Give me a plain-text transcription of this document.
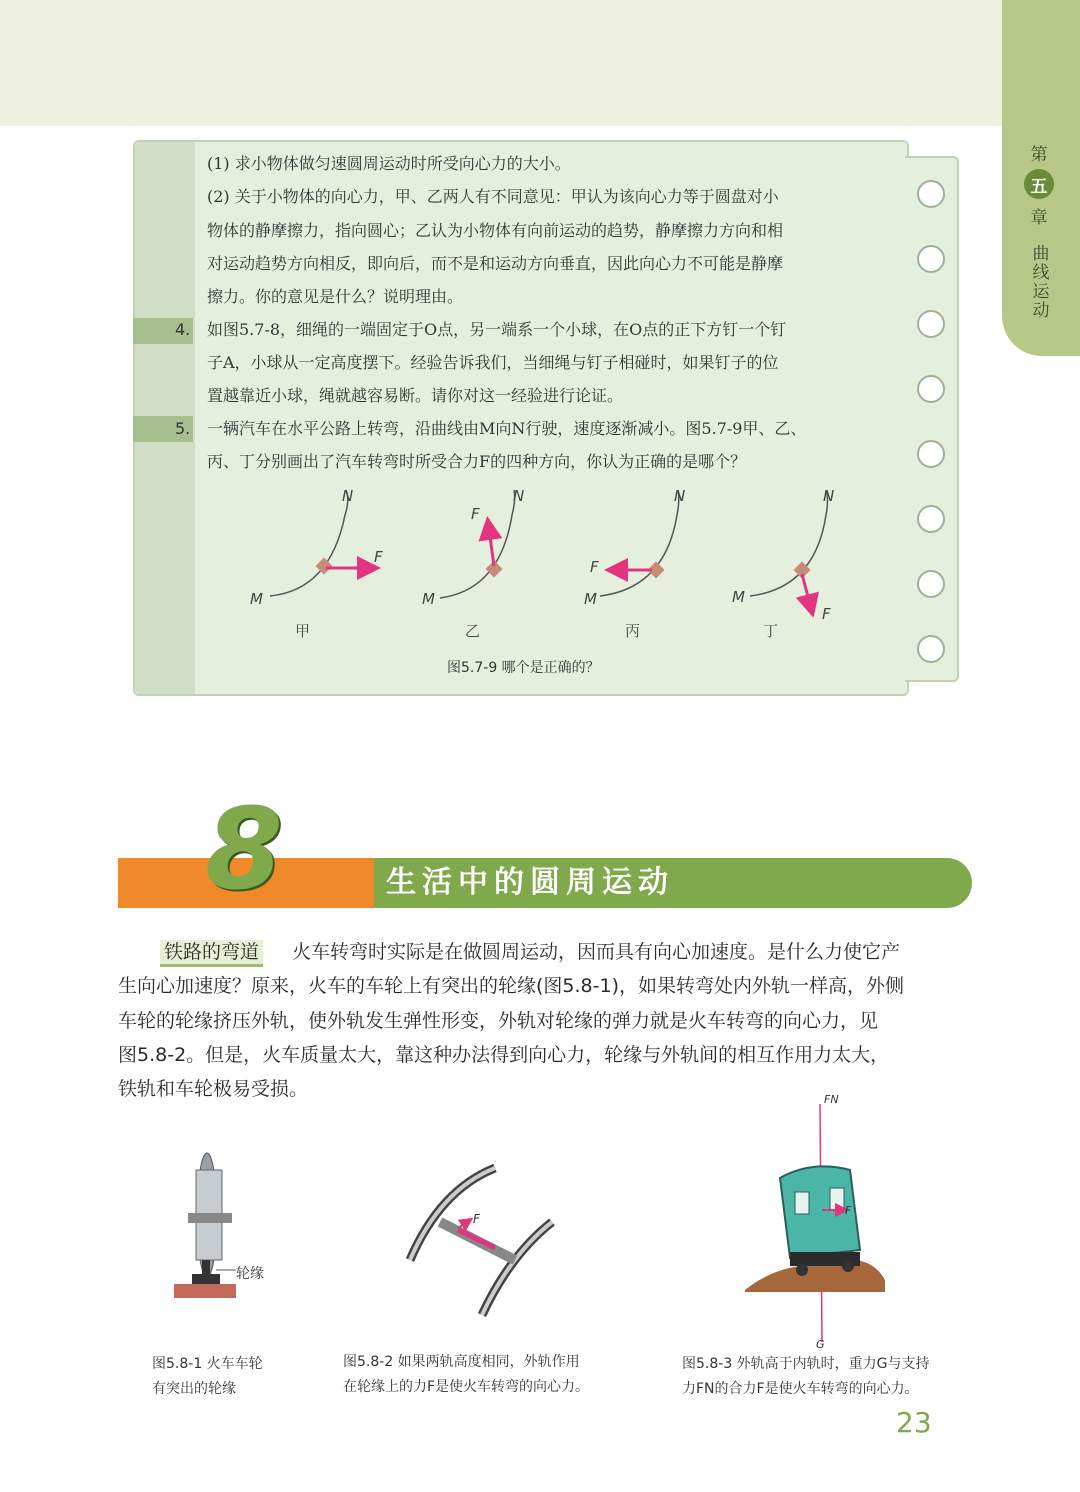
第
五
章
曲线运动
(1) 求小物体做匀速圆周运动时所受向心力的大小。
(2) 关于小物体的向心力，甲、乙两人有不同意见：甲认为该向心力等于圆盘对小
物体的静摩擦力，指向圆心；乙认为小物体有向前运动的趋势，静摩擦力方向和相
对运动趋势方向相反，即向后，而不是和运动方向垂直，因此向心力不可能是静摩
擦力。你的意见是什么？说明理由。
4. 如图5.7-8，细绳的一端固定于O点，另一端系一个小球，在O点的正下方钉一个钉
子A，小球从一定高度摆下。经验告诉我们，当细绳与钉子相碰时，如果钉子的位
置越靠近小球，绳就越容易断。请你对这一经验进行论证。
5. 一辆汽车在水平公路上转弯，沿曲线由M向N行驶，速度逐渐减小。图5.7-9甲、乙、
丙、丁分别画出了汽车转弯时所受合力F的四种方向，你认为正确的是哪个？
N
F
M
甲
N
F
M
乙
N
F
M
丙
N
F
M
丁
图5.7-9 哪个是正确的？
8	生活中的圆周运动
铁路的弯道 火车转弯时实际是在做圆周运动，因而具有向心加速度。是什么力使它产
生向心加速度？原来，火车的车轮上有突出的轮缘(图5.8-1)，如果转弯处内外轨一样高，外侧
车轮的轮缘挤压外轨，使外轨发生弹性形变，外轨对轮缘的弹力就是火车转弯的向心力，见
图5.8-2。但是，火车质量太大，靠这种办法得到向心力，轮缘与外轨间的相互作用力太大，
铁轨和车轮极易受损。
轮缘
F
FN
F
G
图5.8-1 火车车轮
有突出的轮缘
图5.8-2 如果两轨高度相同，外轨作用
在轮缘上的力F是使火车转弯的向心力。
图5.8-3 外轨高于内轨时，重力G与支持
力FN的合力F是使火车转弯的向心力。
23
